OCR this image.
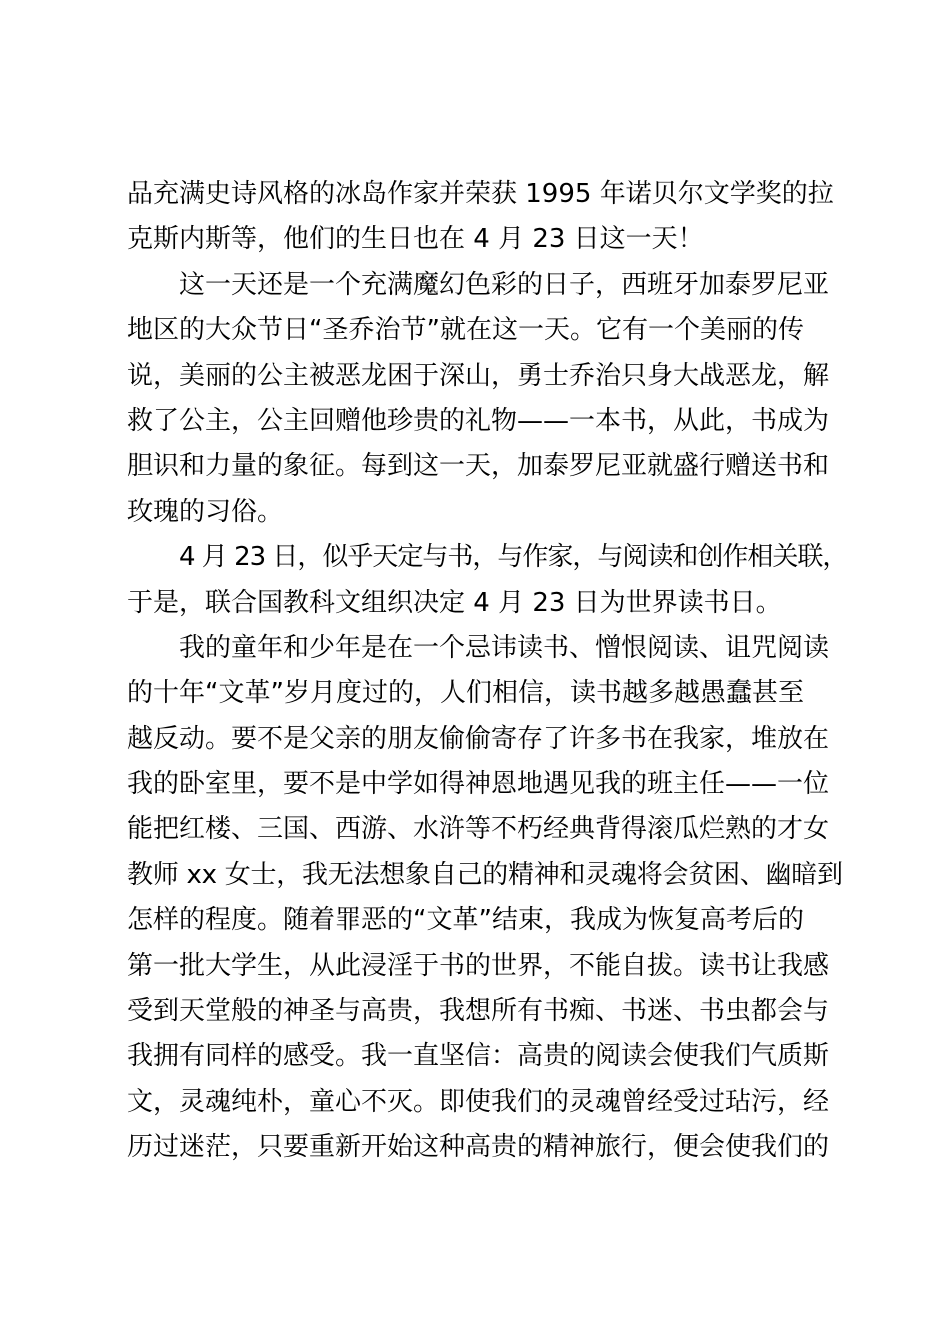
品充满史诗风格的冰岛作家并荣获 1995 年诺贝尔文学奖的拉
克斯内斯等，他们的生日也在 4 月 23 日这一天！
这一天还是一个充满魔幻色彩的日子，西班牙加泰罗尼亚
地区的大众节日“圣乔治节”就在这一天。它有一个美丽的传
说，美丽的公主被恶龙困于深山，勇士乔治只身大战恶龙，解
救了公主，公主回赠他珍贵的礼物——一本书，从此，书成为
胆识和力量的象征。每到这一天，加泰罗尼亚就盛行赠送书和
玫瑰的习俗。
4 月 23 日，似乎天定与书，与作家，与阅读和创作相关联，
于是，联合国教科文组织决定 4 月 23 日为世界读书日。
我的童年和少年是在一个忌讳读书、憎恨阅读、诅咒阅读
的十年“文革”岁月度过的，人们相信，读书越多越愚蠢甚至
越反动。要不是父亲的朋友偷偷寄存了许多书在我家，堆放在
我的卧室里，要不是中学如得神恩地遇见我的班主任——一位
能把红楼、三国、西游、水浒等不朽经典背得滚瓜烂熟的才女
教师 xx 女士，我无法想象自己的精神和灵魂将会贫困、幽暗到
怎样的程度。随着罪恶的“文革”结束，我成为恢复高考后的
第一批大学生，从此浸淫于书的世界，不能自拔。读书让我感
受到天堂般的神圣与高贵，我想所有书痴、书迷、书虫都会与
我拥有同样的感受。我一直坚信：高贵的阅读会使我们气质斯
文，灵魂纯朴，童心不灭。即使我们的灵魂曾经受过玷污，经
历过迷茫，只要重新开始这种高贵的精神旅行，便会使我们的
